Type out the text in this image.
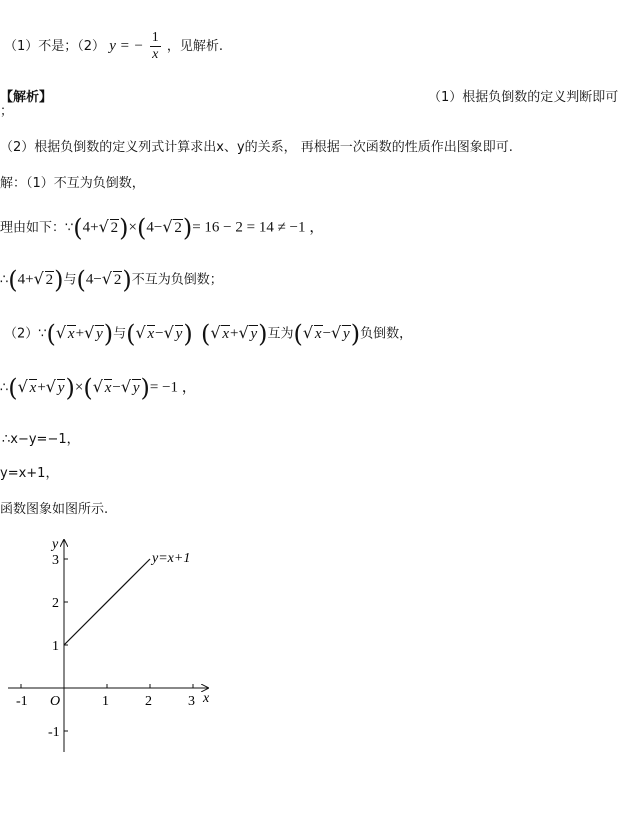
（1）不是；（2） y = − $\frac{1}{x}$ ，见解析.
【解析】	（1）根据负倒数的定义判断即可
；
（2）根据负倒数的定义列式计算求出x、y的关系， 再根据一次函数的性质作出图象即可.
解：（1）不互为负倒数，
理由如下：∵(4+ √ 2)×(4− √ 2)= 16 − 2 = 14 ≠ −1 ，
∴(4+ √ 2)与(4− √ 2)不互为负倒数；
（2）∵( √ x+ √ y)与( √ x− √ y) ( √ x+ √ y)互为( √ x− √ y)负倒数，
∴( √ x+ √ y)×( √ x− √ y)= −1 ，
∴x−y=−1，
y=x+1，
函数图象如图所示.
-1	1	2	3
3
2
1
-1
x
y
O
y=x+1
